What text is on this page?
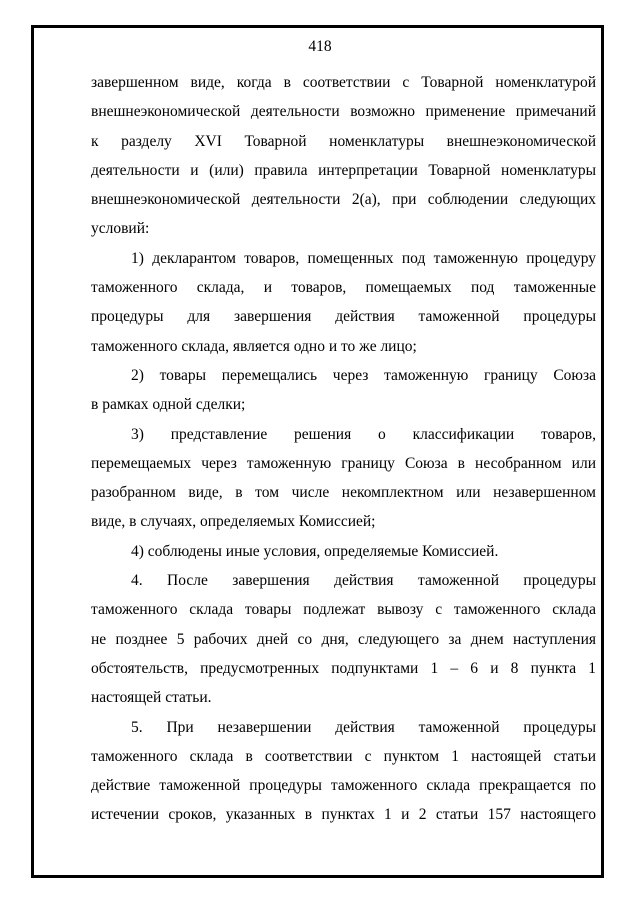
418

завершенном виде, когда в соответствии с Товарной номенклатурой

внешнеэкономической деятельности возможно применение примечаний

к разделу XVI Товарной номенклатуры внешнеэкономической

деятельности и (или) правила интерпретации Товарной номенклатуры

внешнеэкономической деятельности 2(а), при соблюдении следующих

условий:

1) декларантом товаров, помещенных под таможенную процедуру

таможенного склада, и товаров, помещаемых под таможенные

процедуры для завершения действия таможенной процедуры

таможенного склада, является одно и то же лицо;

2) товары перемещались через таможенную границу Союза

в рамках одной сделки;

3) представление решения о классификации товаров,

перемещаемых через таможенную границу Союза в несобранном или

разобранном виде, в том числе некомплектном или незавершенном

виде, в случаях, определяемых Комиссией;

4) соблюдены иные условия, определяемые Комиссией.

4. После завершения действия таможенной процедуры

таможенного склада товары подлежат вывозу с таможенного склада

не позднее 5 рабочих дней со дня, следующего за днем наступления

обстоятельств, предусмотренных подпунктами 1 – 6 и 8 пункта 1

настоящей статьи.

5. При незавершении действия таможенной процедуры

таможенного склада в соответствии с пунктом 1 настоящей статьи

действие таможенной процедуры таможенного склада прекращается по

истечении сроков, указанных в пунктах 1 и 2 статьи 157 настоящего
